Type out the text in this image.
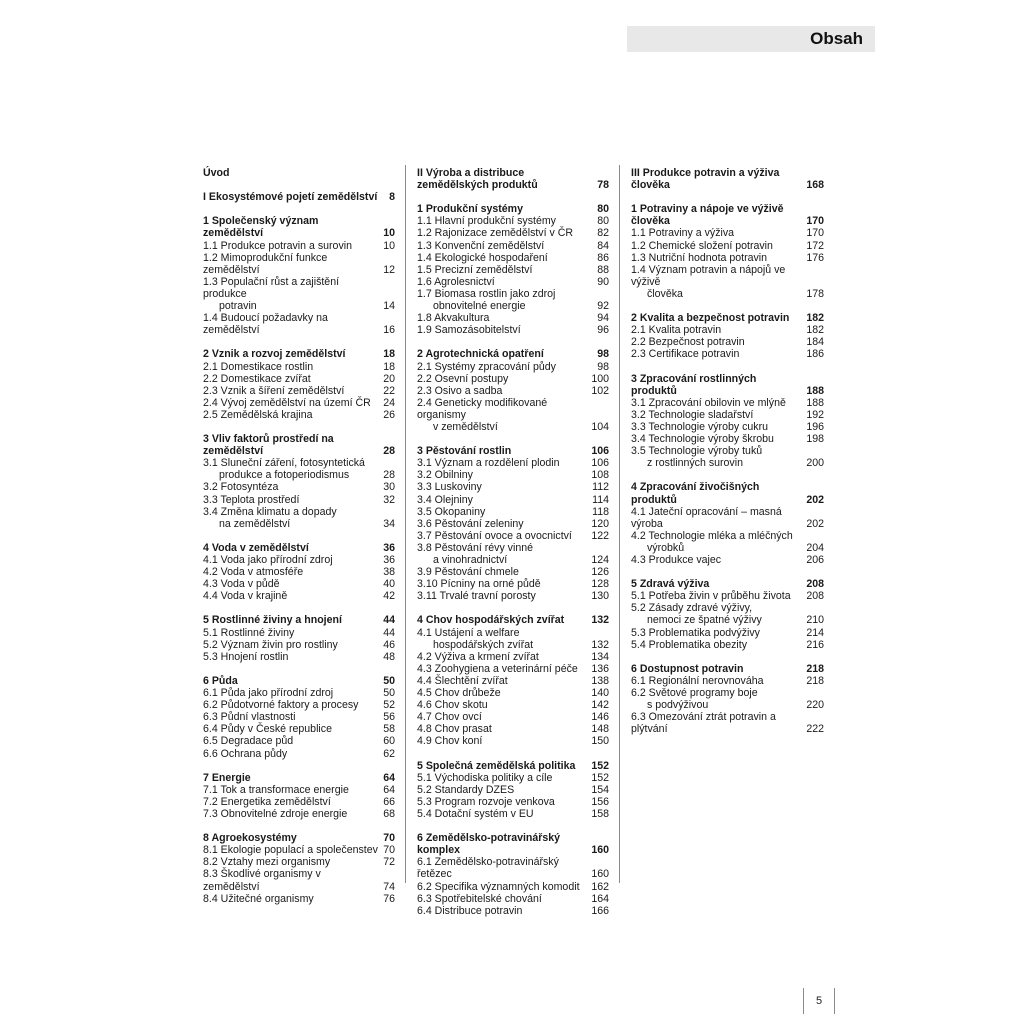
Obsah
Úvod
I Ekosystémové pojetí zemědělství	8
1 Společenský význam zemědělství	10
1.1 Produkce potravin a surovin	10
1.2 Mimoprodukční funkce zemědělství	12
1.3 Populační růst a zajištění produkce
potravin	14
1.4 Budoucí požadavky na zemědělství	16
2 Vznik a rozvoj zemědělství	18
2.1 Domestikace rostlin	18
2.2 Domestikace zvířat	20
2.3 Vznik a šíření zemědělství	22
2.4 Vývoj zemědělství na území ČR	24
2.5 Zemědělská krajina	26
3 Vliv faktorů prostředí na zemědělství	28
3.1 Sluneční záření, fotosyntetická
produkce a fotoperiodismus	28
3.2 Fotosyntéza	30
3.3 Teplota prostředí	32
3.4 Změna klimatu a dopady
na zemědělství	34
4 Voda v zemědělství	36
4.1 Voda jako přírodní zdroj	36
4.2 Voda v atmosféře	38
4.3 Voda v půdě	40
4.4 Voda v krajině	42
5 Rostlinné živiny a hnojení	44
5.1 Rostlinné živiny	44
5.2 Význam živin pro rostliny	46
5.3 Hnojení rostlin	48
6 Půda	50
6.1 Půda jako přírodní zdroj	50
6.2 Půdotvorné faktory a procesy	52
6.3 Půdní vlastnosti	56
6.4 Půdy v České republice	58
6.5 Degradace půd	60
6.6 Ochrana půdy	62
7 Energie	64
7.1 Tok a transformace energie	64
7.2 Energetika zemědělství	66
7.3 Obnovitelné zdroje energie	68
8 Agroekosystémy	70
8.1 Ekologie populací a společenstev 70
8.2 Vztahy mezi organismy	72
8.3 Škodlivé organismy v zemědělství	74
8.4 Užitečné organismy	76
II Výroba a distribuce zemědělských produktů	78
1 Produkční systémy	80
1.1 Hlavní produkční systémy	80
1.2 Rajonizace zemědělství v ČR	82
1.3 Konvenční zemědělství	84
1.4 Ekologické hospodaření	86
1.5 Precizní zemědělství	88
1.6 Agrolesnictví	90
1.7 Biomasa rostlin jako zdroj
obnovitelné energie	92
1.8 Akvakultura	94
1.9 Samozásobitelství	96
2 Agrotechnická opatření	98
2.1 Systémy zpracování půdy	98
2.2 Osevní postupy	100
2.3 Osivo a sadba	102
2.4 Geneticky modifikované organismy
v zemědělství	104
3 Pěstování rostlin	106
3.1 Význam a rozdělení plodin	106
3.2 Obilniny	108
3.3 Luskoviny	112
3.4 Olejniny	114
3.5 Okopaniny	118
3.6 Pěstování zeleniny	120
3.7 Pěstování ovoce a ovocnictví	122
3.8 Pěstování révy vinné
a vinohradnictví	124
3.9 Pěstování chmele	126
3.10 Pícniny na orné půdě	128
3.11 Trvalé travní porosty	130
4 Chov hospodářských zvířat	132
4.1 Ustájení a welfare
hospodářských zvířat	132
4.2 Výživa a krmení zvířat	134
4.3 Zoohygiena a veterinární péče	136
4.4 Šlechtění zvířat	138
4.5 Chov drůbeže	140
4.6 Chov skotu	142
4.7 Chov ovcí	146
4.8 Chov prasat	148
4.9 Chov koní	150
5 Společná zemědělská politika	152
5.1 Východiska politiky a cíle	152
5.2 Standardy DZES	154
5.3 Program rozvoje venkova	156
5.4 Dotační systém v EU	158
6 Zemědělsko-potravinářský komplex	160
6.1 Zemědělsko-potravinářský řetězec	160
6.2 Specifika významných komodit	162
6.3 Spotřebitelské chování	164
6.4 Distribuce potravin	166
III Produkce potravin a výživa člověka	168
1 Potraviny a nápoje ve výživě člověka	170
1.1 Potraviny a výživa	170
1.2 Chemické složení potravin	172
1.3 Nutriční hodnota potravin	176
1.4 Význam potravin a nápojů ve výživě
člověka	178
2 Kvalita a bezpečnost potravin	182
2.1 Kvalita potravin	182
2.2 Bezpečnost potravin	184
2.3 Certifikace potravin	186
3 Zpracování rostlinných produktů	188
3.1 Zpracování obilovin ve mlýně	188
3.2 Technologie sladařství	192
3.3 Technologie výroby cukru	196
3.4 Technologie výroby škrobu	198
3.5 Technologie výroby tuků
z rostlinných surovin	200
4 Zpracování živočišných produktů	202
4.1 Jateční opracování – masná výroba	202
4.2 Technologie mléka a mléčných
výrobků	204
4.3 Produkce vajec	206
5 Zdravá výživa	208
5.1 Potřeba živin v průběhu života	208
5.2 Zásady zdravé výživy,
nemoci ze špatné výživy	210
5.3 Problematika podvýživy	214
5.4 Problematika obezity	216
6 Dostupnost potravin	218
6.1 Regionální nerovnováha	218
6.2 Světové programy boje
s podvýživou	220
6.3 Omezování ztrát potravin a plýtvání	222
5
